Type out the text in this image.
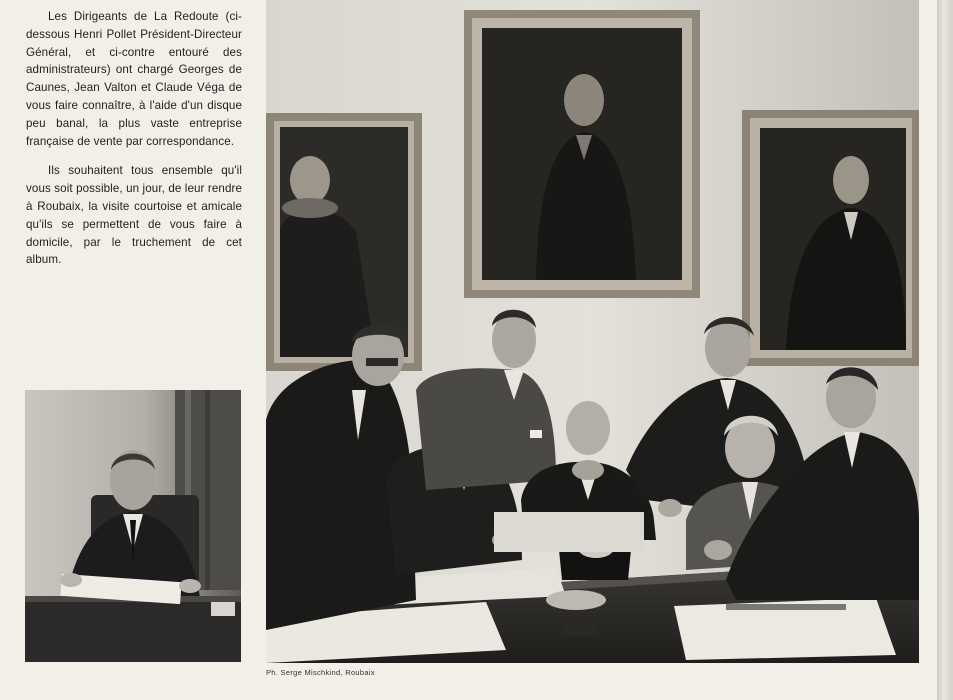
Les Dirigeants de La Redoute (ci-dessous Henri Pollet Président-Directeur Général, et ci-contre entouré des administrateurs) ont chargé Georges de Caunes, Jean Valton et Claude Véga de vous faire connaître, à l'aide d'un disque peu banal, la plus vaste entreprise française de vente par correspondance.

Ils souhaitent tous ensemble qu'il vous soit possible, un jour, de leur rendre à Roubaix, la visite courtoise et amicale qu'ils se permettent de vous faire à domicile, par le truchement de cet album.

Ph. Serge Mischkind, Roubaix
